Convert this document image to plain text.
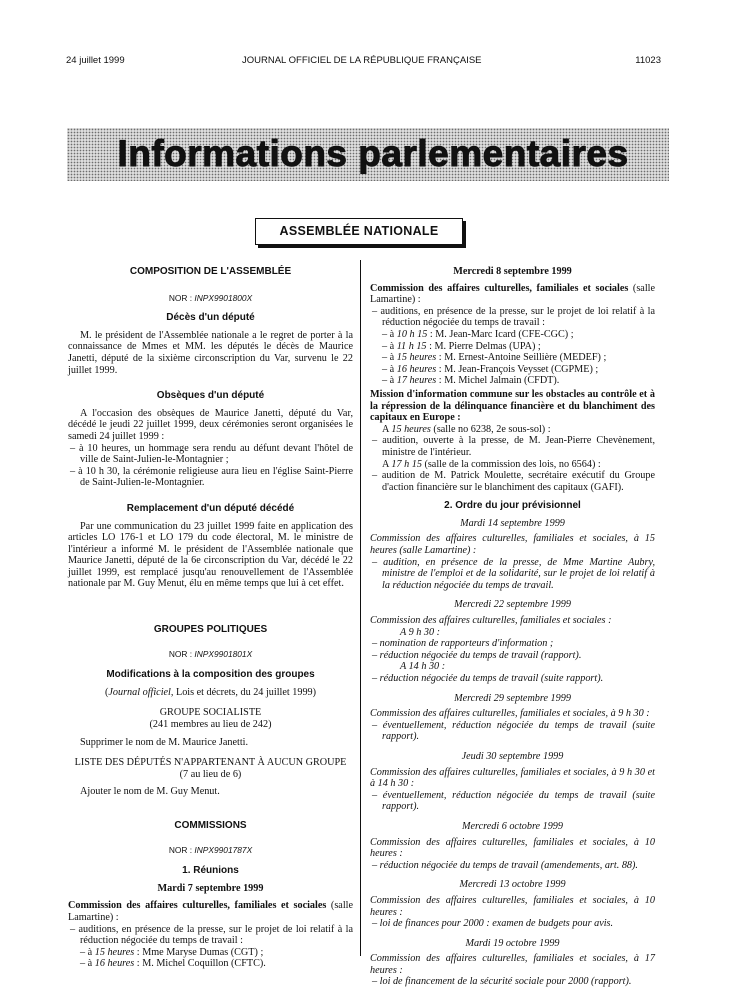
24 juillet 1999	JOURNAL OFFICIEL DE LA RÉPUBLIQUE FRANÇAISE	11023
Informations parlementaires
ASSEMBLÉE NATIONALE

COMPOSITION DE L'ASSEMBLÉE

NOR : INPX9901800X

Décès d'un député

M. le président de l'Assemblée nationale a le regret de porter à la connaissance de Mmes et MM. les députés le décès de Maurice Janetti, député de la sixième circonscription du Var, survenu le 22 juillet 1999.

Obsèques d'un député

A l'occasion des obsèques de Maurice Janetti, député du Var, décédé le jeudi 22 juillet 1999, deux cérémonies seront organisées le samedi 24 juillet 1999 :

– à 10 heures, un hommage sera rendu au défunt devant l'hôtel de ville de Saint-Julien-le-Montagnier ;

– à 10 h 30, la cérémonie religieuse aura lieu en l'église Saint-Pierre de Saint-Julien-le-Montagnier.

Remplacement d'un député décédé

Par une communication du 23 juillet 1999 faite en application des articles LO 176-1 et LO 179 du code électoral, M. le ministre de l'intérieur a informé M. le président de l'Assemblée nationale que Maurice Janetti, député de la 6e circonscription du Var, décédé le 22 juillet 1999, est remplacé jusqu'au renouvellement de l'Assemblée nationale par M. Guy Menut, élu en même temps que lui à cet effet.

GROUPES POLITIQUES

NOR : INPX9901801X

Modifications à la composition des groupes

(Journal officiel, Lois et décrets, du 24 juillet 1999)

GROUPE SOCIALISTE

(241 membres au lieu de 242)

Supprimer le nom de M. Maurice Janetti.

LISTE DES DÉPUTÉS N'APPARTENANT À AUCUN GROUPE

(7 au lieu de 6)

Ajouter le nom de M. Guy Menut.

COMMISSIONS

NOR : INPX9901787X

1. Réunions

Mardi 7 septembre 1999

Commission des affaires culturelles, familiales et sociales (salle Lamartine) :

– auditions, en présence de la presse, sur le projet de loi relatif à la réduction négociée du temps de travail :

– à 15 heures : Mme Maryse Dumas (CGT) ;

– à 16 heures : M. Michel Coquillon (CFTC).

Mercredi 8 septembre 1999

Commission des affaires culturelles, familiales et sociales (salle Lamartine) :

– auditions, en présence de la presse, sur le projet de loi relatif à la réduction négociée du temps de travail :

– à 10 h 15 : M. Jean-Marc Icard (CFE-CGC) ;

– à 11 h 15 : M. Pierre Delmas (UPA) ;

– à 15 heures : M. Ernest-Antoine Seillière (MEDEF) ;

– à 16 heures : M. Jean-François Veysset (CGPME) ;

– à 17 heures : M. Michel Jalmain (CFDT).

Mission d'information commune sur les obstacles au contrôle et à la répression de la délinquance financière et du blanchiment des capitaux en Europe :

A 15 heures (salle no 6238, 2e sous-sol) :

– audition, ouverte à la presse, de M. Jean-Pierre Chevènement, ministre de l'intérieur.

A 17 h 15 (salle de la commission des lois, no 6564) :

– audition de M. Patrick Moulette, secrétaire exécutif du Groupe d'action financière sur le blanchiment des capitaux (GAFI).

2. Ordre du jour prévisionnel

Mardi 14 septembre 1999

Commission des affaires culturelles, familiales et sociales, à 15 heures (salle Lamartine) :

– audition, en présence de la presse, de Mme Martine Aubry, ministre de l'emploi et de la solidarité, sur le projet de loi relatif à la réduction négociée du temps de travail.

Mercredi 22 septembre 1999

Commission des affaires culturelles, familiales et sociales :

A 9 h 30 :

– nomination de rapporteurs d'information ;

– réduction négociée du temps de travail (rapport).

A 14 h 30 :

– réduction négociée du temps de travail (suite rapport).

Mercredi 29 septembre 1999

Commission des affaires culturelles, familiales et sociales, à 9 h 30 :

– éventuellement, réduction négociée du temps de travail (suite rapport).

Jeudi 30 septembre 1999

Commission des affaires culturelles, familiales et sociales, à 9 h 30 et à 14 h 30 :

– éventuellement, réduction négociée du temps de travail (suite rapport).

Mercredi 6 octobre 1999

Commission des affaires culturelles, familiales et sociales, à 10 heures :

– réduction négociée du temps de travail (amendements, art. 88).

Mercredi 13 octobre 1999

Commission des affaires culturelles, familiales et sociales, à 10 heures :

– loi de finances pour 2000 : examen de budgets pour avis.

Mardi 19 octobre 1999

Commission des affaires culturelles, familiales et sociales, à 17 heures :

– loi de financement de la sécurité sociale pour 2000 (rapport).
